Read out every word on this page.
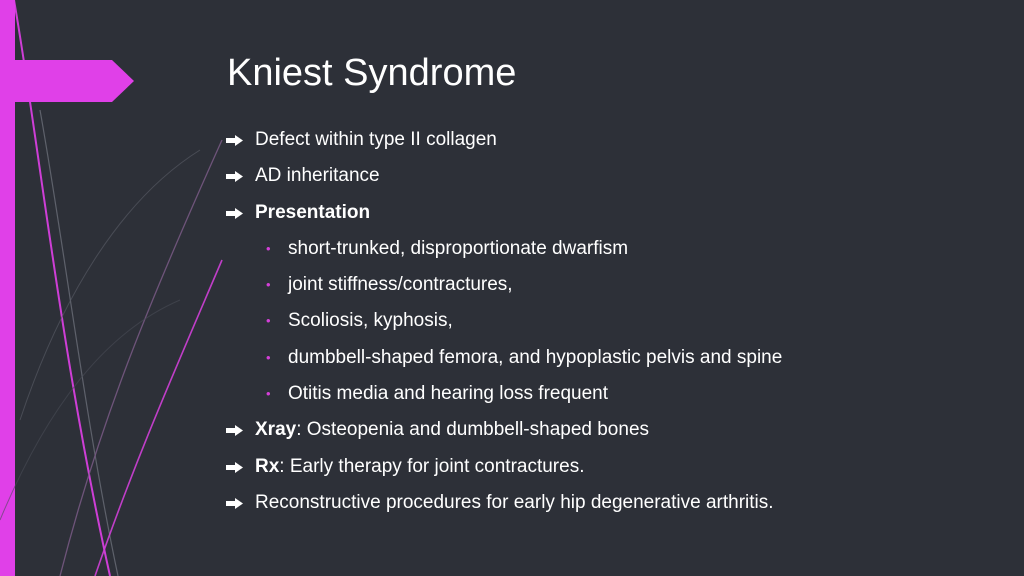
Kniest Syndrome
Defect within type II collagen
AD inheritance
Presentation
• short-trunked, disproportionate dwarfism
• joint stiffness/contractures,
• Scoliosis, kyphosis,
• dumbbell-shaped femora, and hypoplastic pelvis and spine
• Otitis media and hearing loss frequent
Xray: Osteopenia and dumbbell-shaped bones
Rx: Early therapy for joint contractures.
Reconstructive procedures for early hip degenerative arthritis.
